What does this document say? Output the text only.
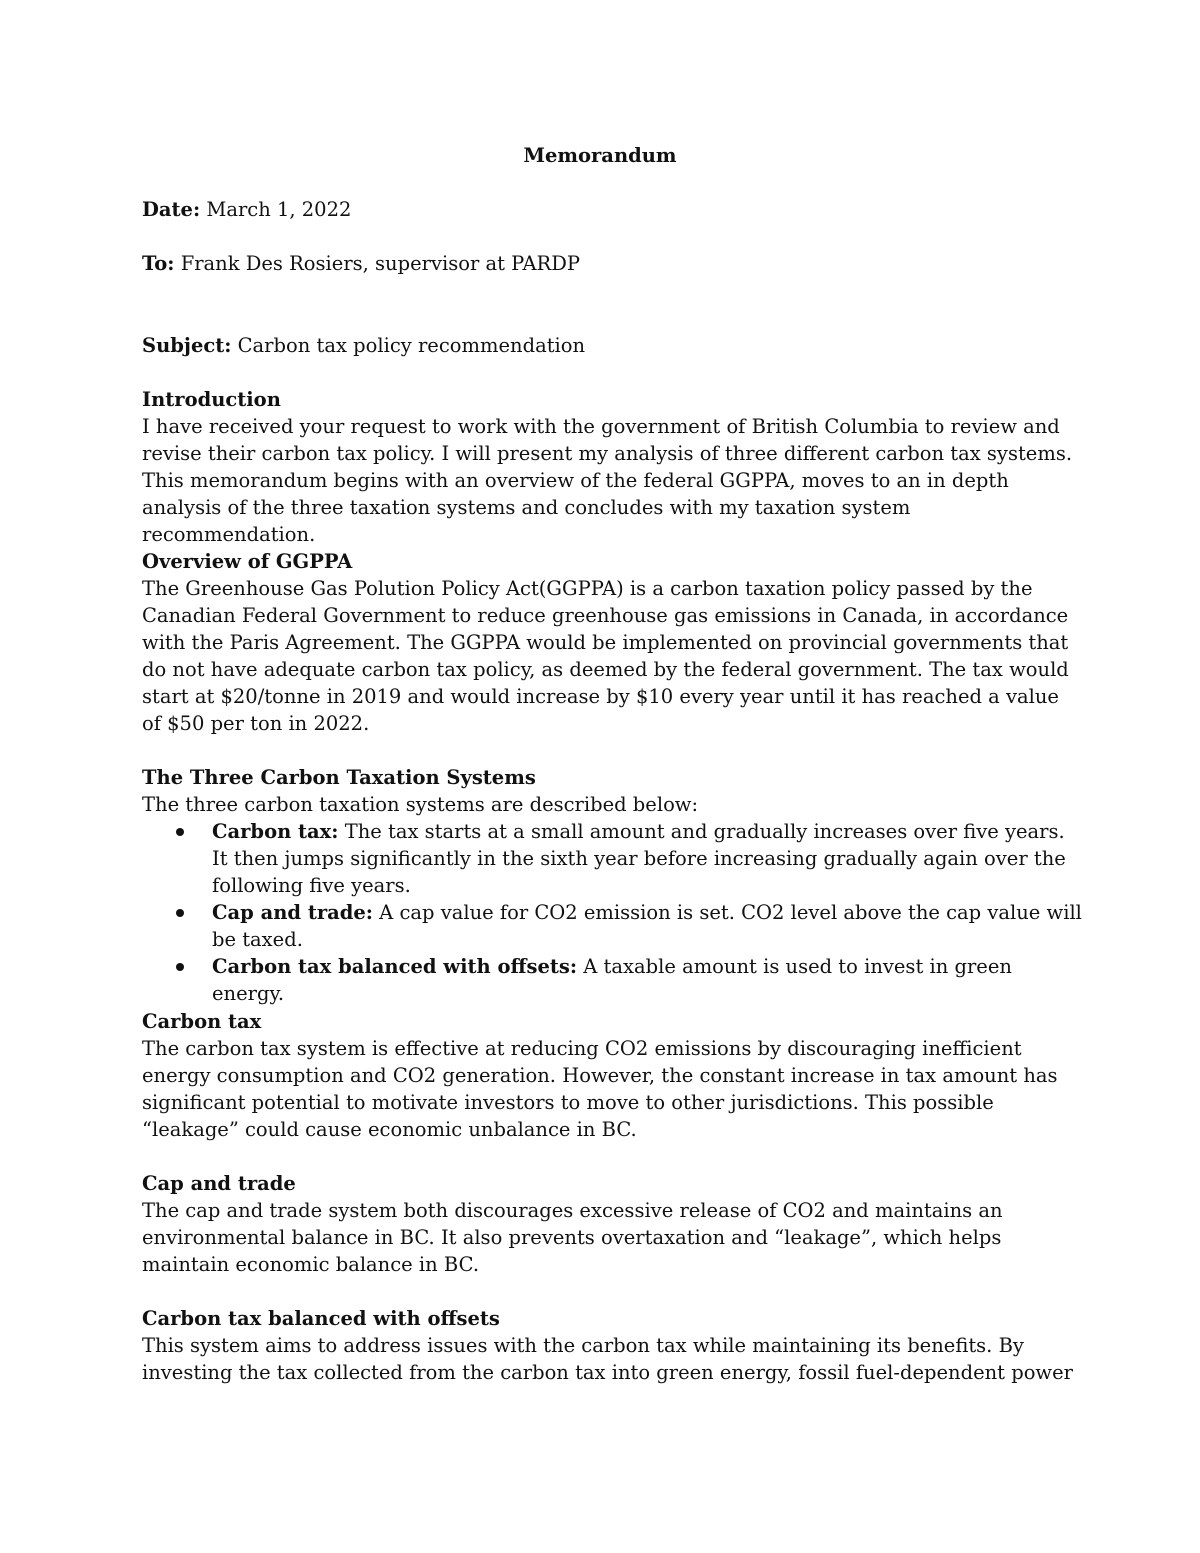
Memorandum
Date: March 1, 2022
To: Frank Des Rosiers, supervisor at PARDP
Subject: Carbon tax policy recommendation
Introduction

I have received your request to work with the government of British Columbia to review and revise their carbon tax policy. I will present my analysis of three different carbon tax systems. This memorandum begins with an overview of the federal GGPPA, moves to an in depth analysis of the three taxation systems and concludes with my taxation system recommendation.

Overview of GGPPA

The Greenhouse Gas Polution Policy Act(GGPPA) is a carbon taxation policy passed by the Canadian Federal Government to reduce greenhouse gas emissions in Canada, in accordance with the Paris Agreement. The GGPPA would be implemented on provincial governments that do not have adequate carbon tax policy, as deemed by the federal government. The tax would start at $20/tonne in 2019 and would increase by $10 every year until it has reached a value of $50 per ton in 2022.

The Three Carbon Taxation Systems

The three carbon taxation systems are described below:

Carbon tax: The tax starts at a small amount and gradually increases over five years. It then jumps significantly in the sixth year before increasing gradually again over the following five years.
Cap and trade: A cap value for CO2 emission is set. CO2 level above the cap value will be taxed.
Carbon tax balanced with offsets: A taxable amount is used to invest in green energy.
Carbon tax

The carbon tax system is effective at reducing CO2 emissions by discouraging inefficient energy consumption and CO2 generation. However, the constant increase in tax amount has significant potential to motivate investors to move to other jurisdictions. This possible “leakage” could cause economic unbalance in BC.

Cap and trade

The cap and trade system both discourages excessive release of CO2 and maintains an environmental balance in BC. It also prevents overtaxation and “leakage”, which helps maintain economic balance in BC.

Carbon tax balanced with offsets

This system aims to address issues with the carbon tax while maintaining its benefits. By investing the tax collected from the carbon tax into green energy, fossil fuel-dependent power
